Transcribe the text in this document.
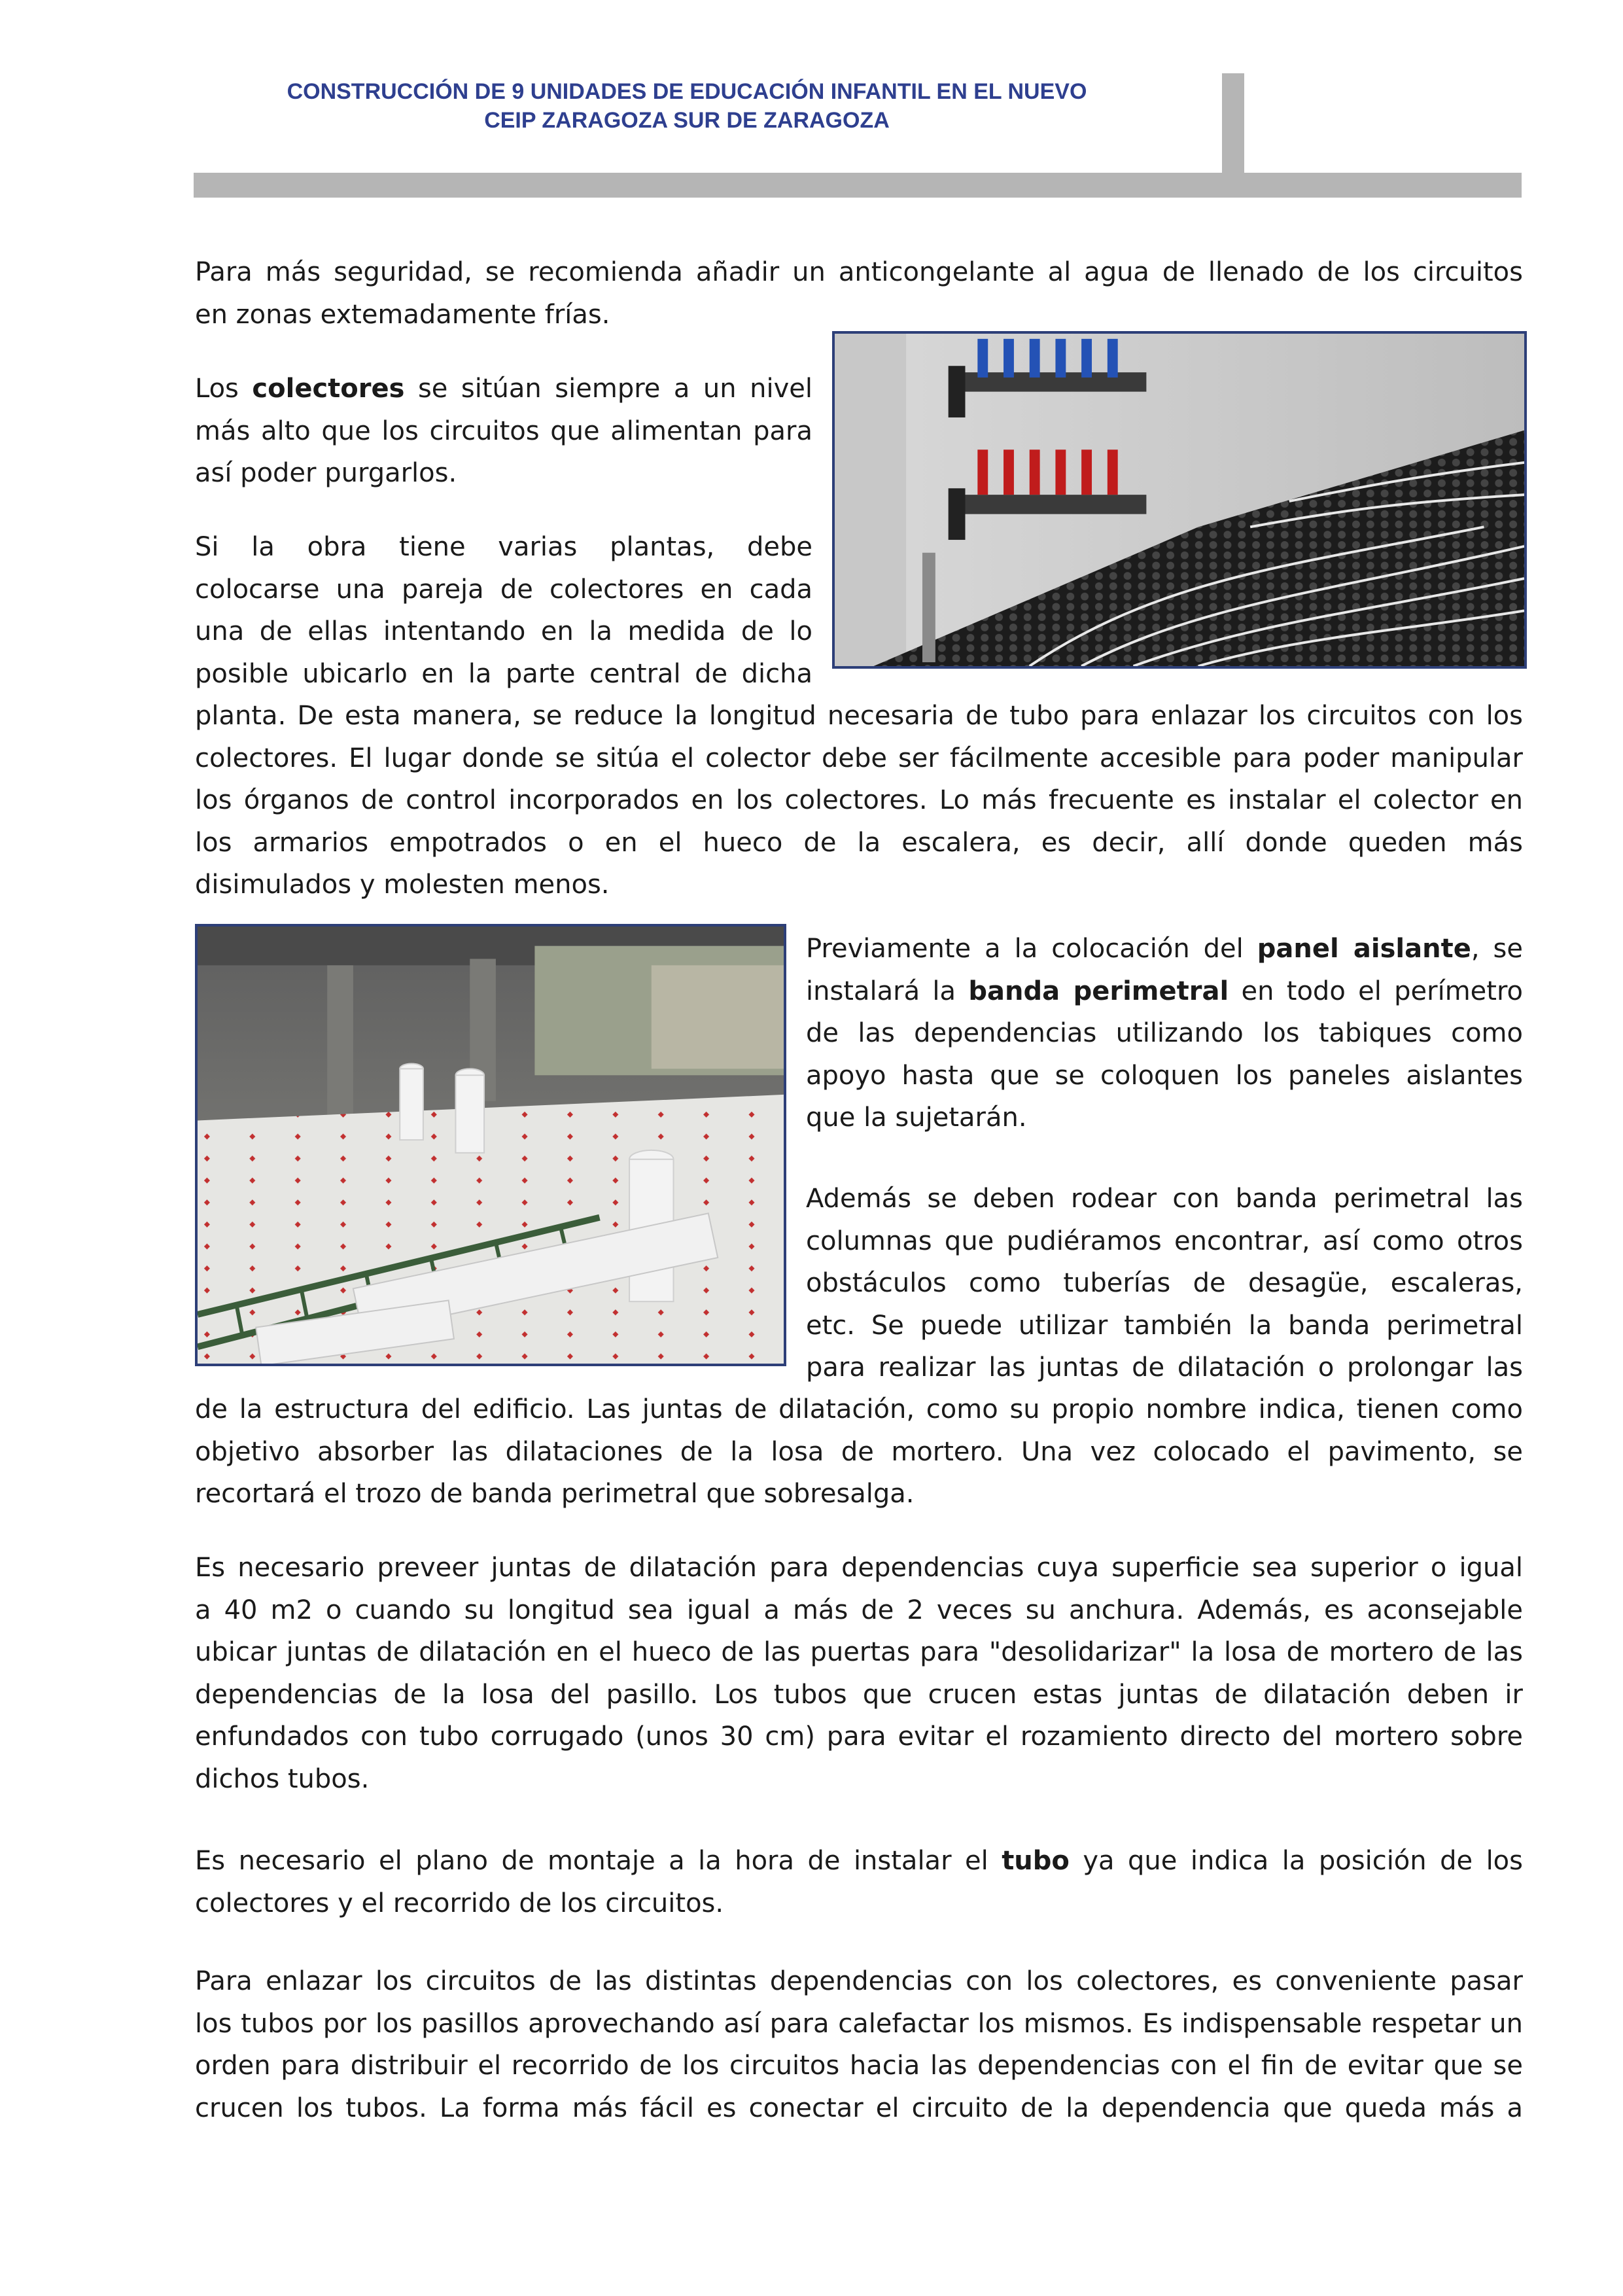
CONSTRUCCIÓN DE 9 UNIDADES DE EDUCACIÓN INFANTIL EN EL NUEVO
CEIP ZARAGOZA SUR DE ZARAGOZA
Para más seguridad, se recomienda añadir un anticongelante al agua de llenado de los circuitos
en zonas extemadamente frías.
Los colectores se sitúan siempre a un nivel
más alto que los circuitos que alimentan para
así poder purgarlos.
Si la obra tiene varias plantas, debe
colocarse una pareja de colectores en cada
una de ellas intentando en la medida de lo
posible ubicarlo en la parte central de dicha
planta. De esta manera, se reduce la longitud necesaria de tubo para enlazar los circuitos con los
colectores. El lugar donde se sitúa el colector debe ser fácilmente accesible para poder manipular
los órganos de control incorporados en los colectores. Lo más frecuente es instalar el colector en
los armarios empotrados o en el hueco de la escalera, es decir, allí donde queden más
disimulados y molesten menos.
Previamente a la colocación del panel aislante, se
instalará la banda perimetral en todo el perímetro
de las dependencias utilizando los tabiques como
apoyo hasta que se coloquen los paneles aislantes
que la sujetarán.
Además se deben rodear con banda perimetral las
columnas que pudiéramos encontrar, así como otros
obstáculos como tuberías de desagüe, escaleras,
etc. Se puede utilizar también la banda perimetral
para realizar las juntas de dilatación o prolongar las
de la estructura del edificio. Las juntas de dilatación, como su propio nombre indica, tienen como
objetivo absorber las dilataciones de la losa de mortero. Una vez colocado el pavimento, se
recortará el trozo de banda perimetral que sobresalga.
Es necesario preveer juntas de dilatación para dependencias cuya superficie sea superior o igual
a 40 m2 o cuando su longitud sea igual a más de 2 veces su anchura. Además, es aconsejable
ubicar juntas de dilatación en el hueco de las puertas para "desolidarizar" la losa de mortero de las
dependencias de la losa del pasillo. Los tubos que crucen estas juntas de dilatación deben ir
enfundados con tubo corrugado (unos 30 cm) para evitar el rozamiento directo del mortero sobre
dichos tubos.
Es necesario el plano de montaje a la hora de instalar el tubo ya que indica la posición de los
colectores y el recorrido de los circuitos.
Para enlazar los circuitos de las distintas dependencias con los colectores, es conveniente pasar
los tubos por los pasillos aprovechando así para calefactar los mismos. Es indispensable respetar un
orden para distribuir el recorrido de los circuitos hacia las dependencias con el fin de evitar que se
crucen los tubos. La forma más fácil es conectar el circuito de la dependencia que queda más a
